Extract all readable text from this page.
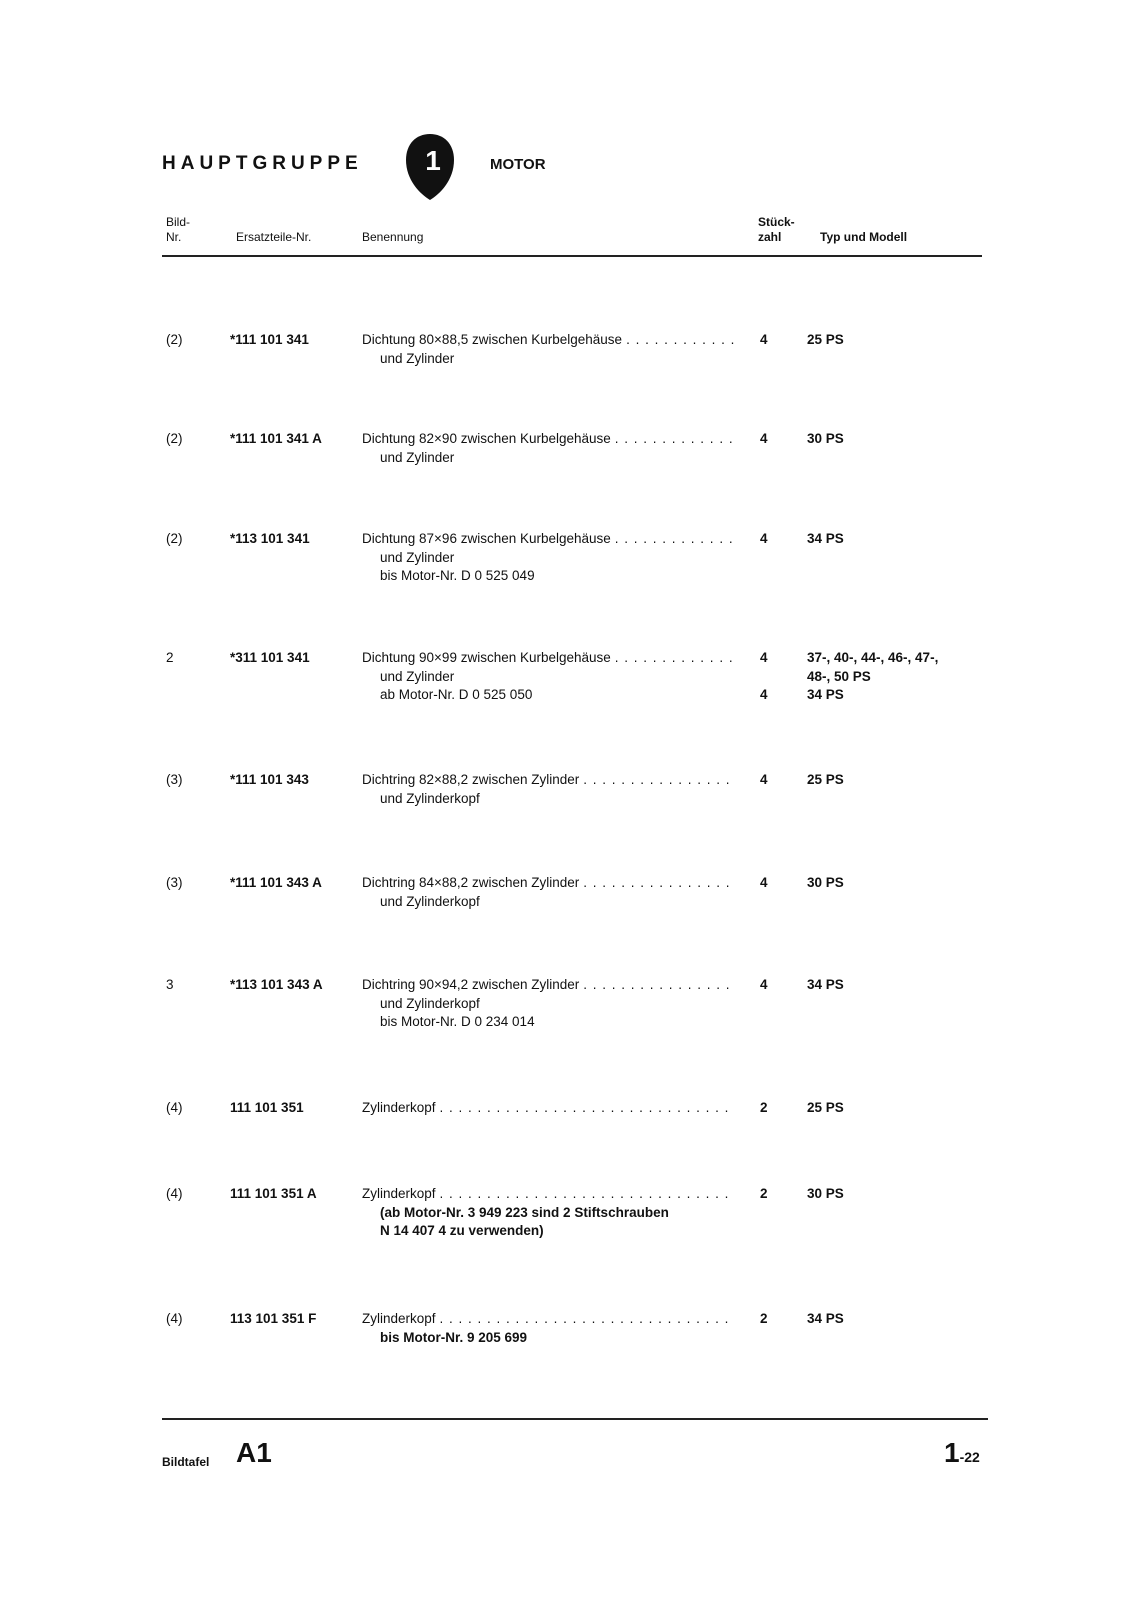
HAUPTGRUPPE 1	MOTOR
Bild-
Nr.	Ersatzteile-Nr.	Benennung
Stück-
zahl	Typ und Modell
(2)	*111 101 341	Dichtung 80×88,5 zwischen Kurbelgehäuse
. . .
und Zylinder
4	25 PS
(2)	*111 101 341 A	Dichtung 82×90 zwischen Kurbelgehäuse
. . .
und Zylinder
4	30 PS
(2)	*113 101 341	Dichtung 87×96 zwischen Kurbelgehäuse
. . .
und Zylinder
bis Motor-Nr. D 0 525 049
4	34 PS
2	*311 101 341	Dichtung 90×99 zwischen Kurbelgehäuse
. . .
und Zylinder
ab Motor-Nr. D 0 525 050
4
4
37-, 40-, 44-, 46-, 47-,
48-, 50 PS
34 PS
(3)	*111 101 343	Dichtring 82×88,2 zwischen Zylinder
. . .
und Zylinderkopf
4	25 PS
(3)	*111 101 343 A	Dichtring 84×88,2 zwischen Zylinder
. . .
und Zylinderkopf
4	30 PS
3	*113 101 343 A	Dichtring 90×94,2 zwischen Zylinder
. . .
und Zylinderkopf
bis Motor-Nr. D 0 234 014
4	34 PS
(4)	111 101 351	Zylinderkopf
. . .	2	25 PS
(4)	111 101 351 A	Zylinderkopf
. . .
(ab Motor-Nr. 3 949 223 sind 2 Stiftschrauben
N 14 407 4 zu verwenden)
2	30 PS
(4)	113 101 351 F	Zylinderkopf
. . .
bis Motor-Nr. 9 205 699
2	34 PS
Bildtafel A1	1-22
